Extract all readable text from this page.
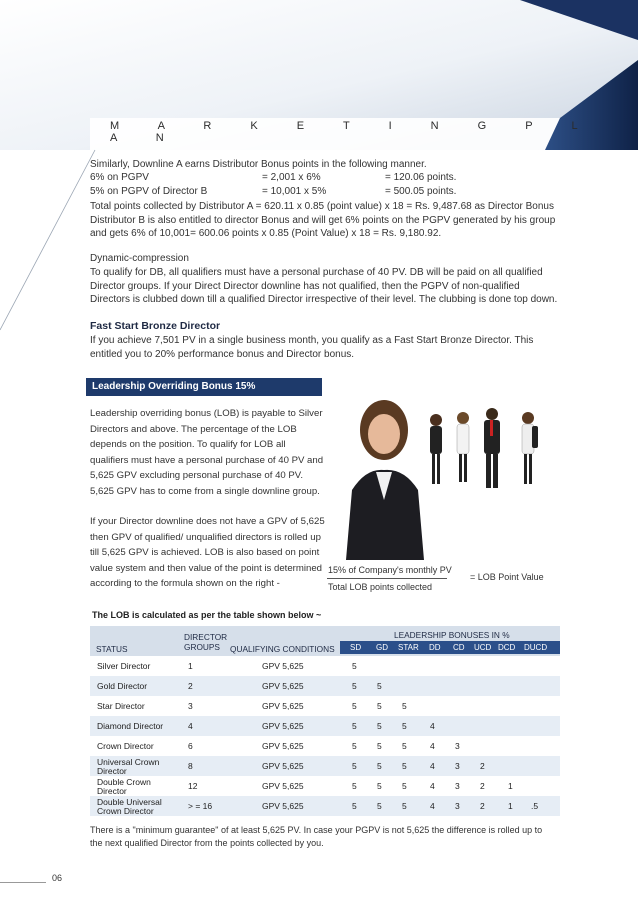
M A R K E T I N G P L A N
Similarly, Downline A earns Distributor Bonus points in the following manner.
6% on PGPV	= 2,001 x 6%	= 120.06 points.
5% on PGPV of Director B	= 10,001 x 5%	= 500.05 points.
Total points collected by Distributor A = 620.11 x 0.85 (point value) x 18 = Rs. 9,487.68 as Director Bonus Distributor B is also entitled to director Bonus and will get 6% points on the PGPV generated by his group and gets 6% of 10,001= 600.06 points x 0.85 (Point Value) x 18 = Rs. 9,180.92.
Dynamic-compression
To qualify for DB, all qualifiers must have a personal purchase of 40 PV. DB will be paid on all qualified Director groups. If your Direct Director downline has not qualified, then the PGPV of non-qualified Directors is clubbed down till a qualified Director irrespective of their level. The clubbing is done top down.
Fast Start Bronze Director
If you achieve 7,501 PV in a single business month, you qualify as a Fast Start Bronze Director. This entitled you to 20% performance bonus and Director bonus.
Leadership Overriding Bonus 15%
Leadership overriding bonus (LOB) is payable to Silver Directors and above. The percentage of the LOB depends on the position. To qualify for LOB all qualifiers must have a personal purchase of 40 PV and 5,625 GPV excluding personal purchase of 40 PV. 5,625 GPV has to come from a single downline group.
If your Director downline does not have a GPV of 5,625 then GPV of qualified/ unqualified directors is rolled up till 5,625 GPV is achieved. LOB is also based on point value system and then value of the point is determined according to the formula shown on the right -
15% of Company's monthly PV
Total LOB points collected
= LOB Point Value
The LOB is calculated as per the table shown below ~
STATUS
DIRECTOR
GROUPS QUALIFYING CONDITIONS
LEADERSHIP BONUSES IN %
SD GD STAR DD CD UCD DCD DUCD
Silver Director	1	GPV 5,625	5
Gold Director	2	GPV 5,625	5 5
Star Director	3	GPV 5,625	5 5 5
Diamond Director	4	GPV 5,625	5 5 5	4
Crown Director	6	GPV 5,625	5 5 5	4 3
Universal Crown
Director	8	GPV 5,625	5 5 5	4 3 2
Double Crown
Director	12	GPV 5,625	5 5 5	4 3 2	1
Double Universal
Crown Director	> = 16	GPV 5,625	5 5 5	4 3 2	1 .5
There is a "minimum guarantee" of at least 5,625 PV. In case your PGPV is not 5,625 the difference is rolled up to the next qualified Director from the points collected by you.
06
